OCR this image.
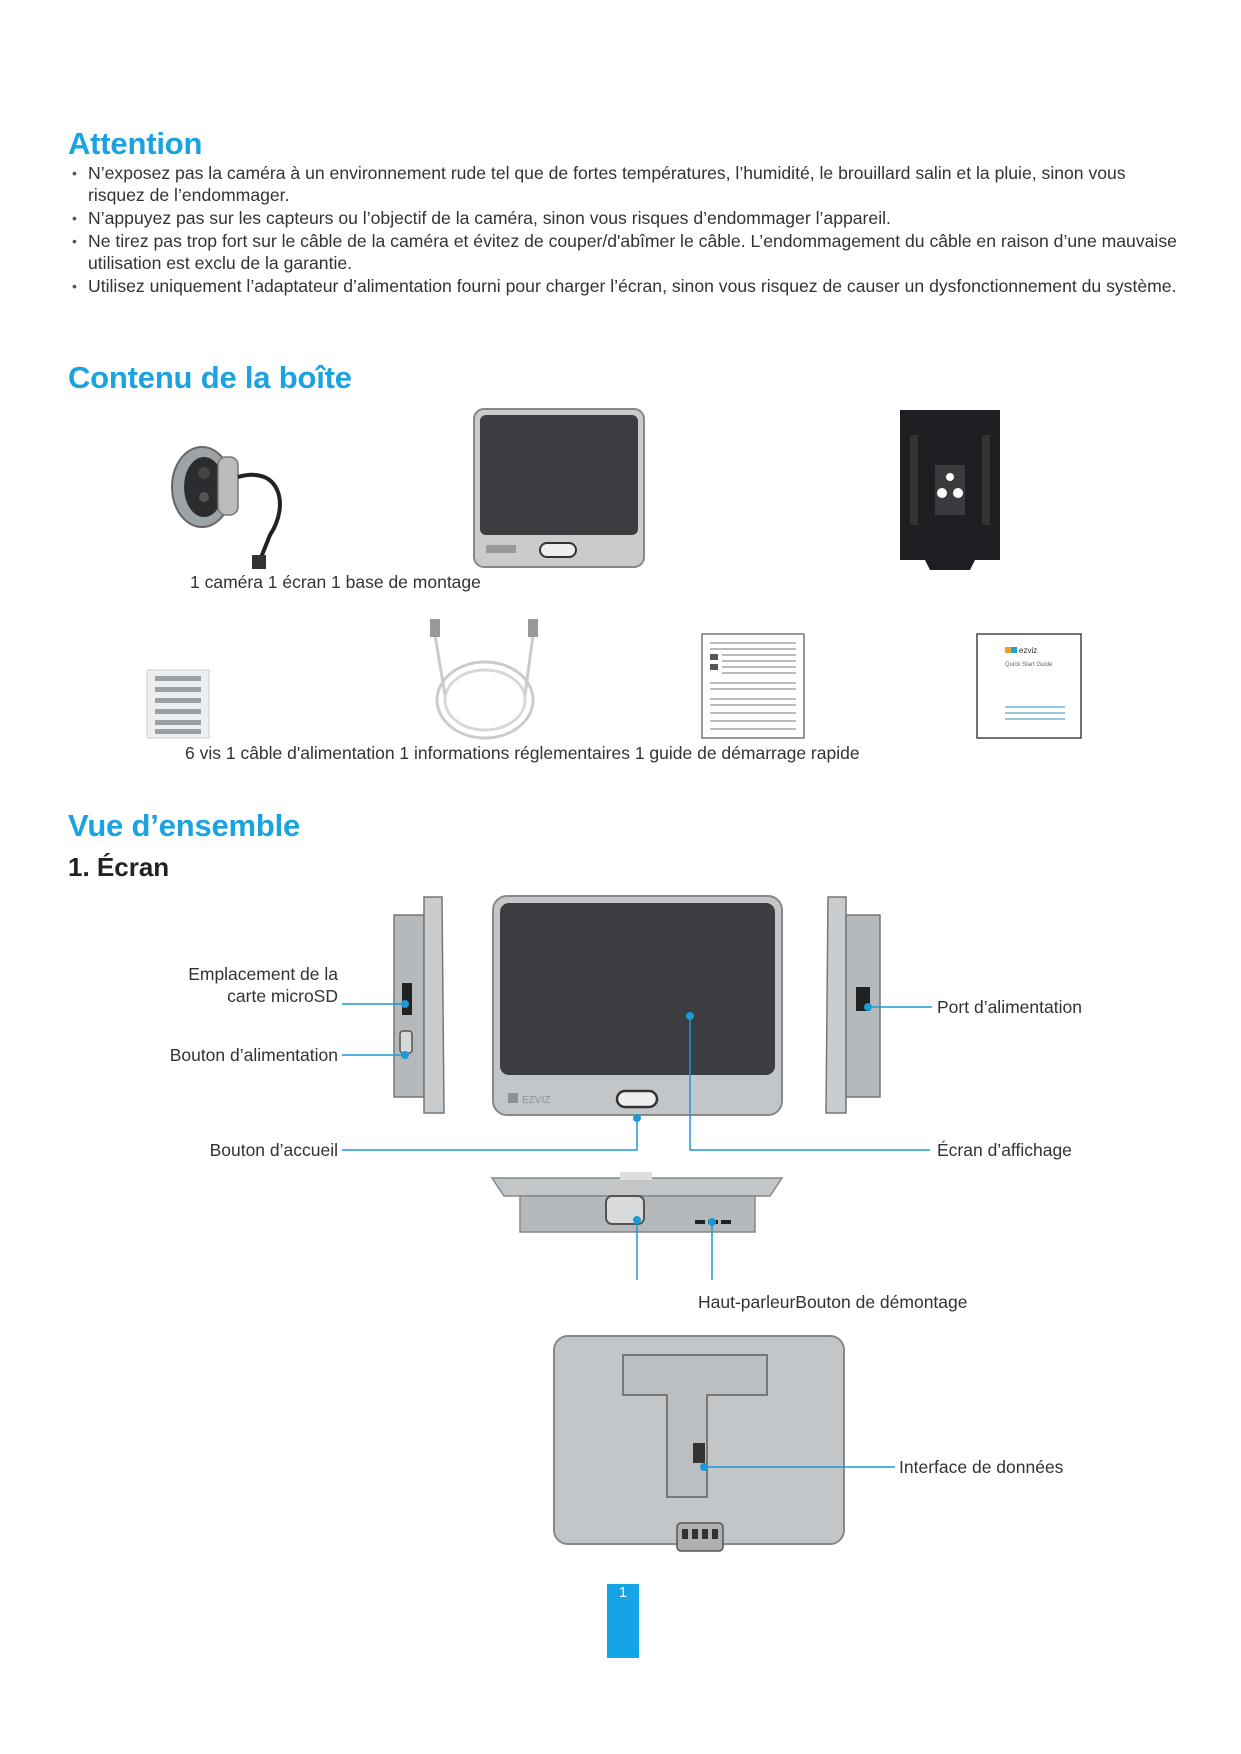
Attention
• N’exposez pas la caméra à un environnement rude tel que de fortes températures, l’humidité, le brouillard salin et la pluie, sinon vous risquez de l’endommager.
• N’appuyez pas sur les capteurs ou l’objectif de la caméra, sinon vous risques d’endommager l’appareil.
• Ne tirez pas trop fort sur le câble de la caméra et évitez de couper/d'abîmer le câble. L’endommagement du câble en raison d’une mauvaise utilisation est exclu de la garantie.
• Utilisez uniquement l’adaptateur d’alimentation fourni pour charger l’écran, sinon vous risquez de causer un dysfonctionnement du système.
Contenu de la boîte
1 caméra 1 écran 1 base de montage
ezviz
Quick Start Guide
6 vis 1 câble d'alimentation 1 informations réglementaires 1 guide de démarrage rapide
Vue d’ensemble
1. Écran
EZVIZ
Emplacement de la
carte microSD
Bouton d’alimentation
Bouton d’accueil
Port d’alimentation
Écran d’affichage
Haut-parleurBouton de démontage
Interface de données
1
